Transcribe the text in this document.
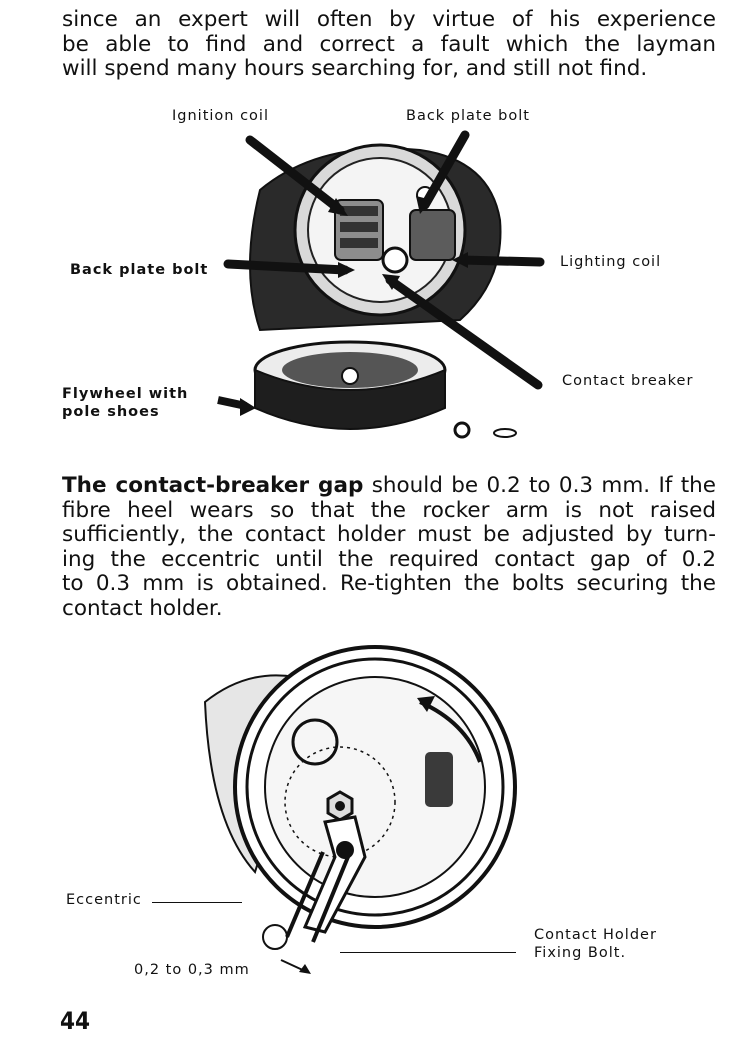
since an expert will often by virtue of his experience
be able to find and correct a fault which the layman
will spend many hours searching for, and still not find.
Ignition coil	Back plate bolt
Lighting coil
Back plate bolt
Contact breaker
Flywheel with
pole shoes
The contact-breaker gap should be 0.2 to 0.3 mm. If the
fibre heel wears so that the rocker arm is not raised
sufficiently, the contact holder must be adjusted by turn-
ing the eccentric until the required contact gap of 0.2
to 0.3 mm is obtained. Re-tighten the bolts securing the
contact holder.
Eccentric
0,2 to 0,3 mm
Contact Holder
Fixing Bolt.
44
